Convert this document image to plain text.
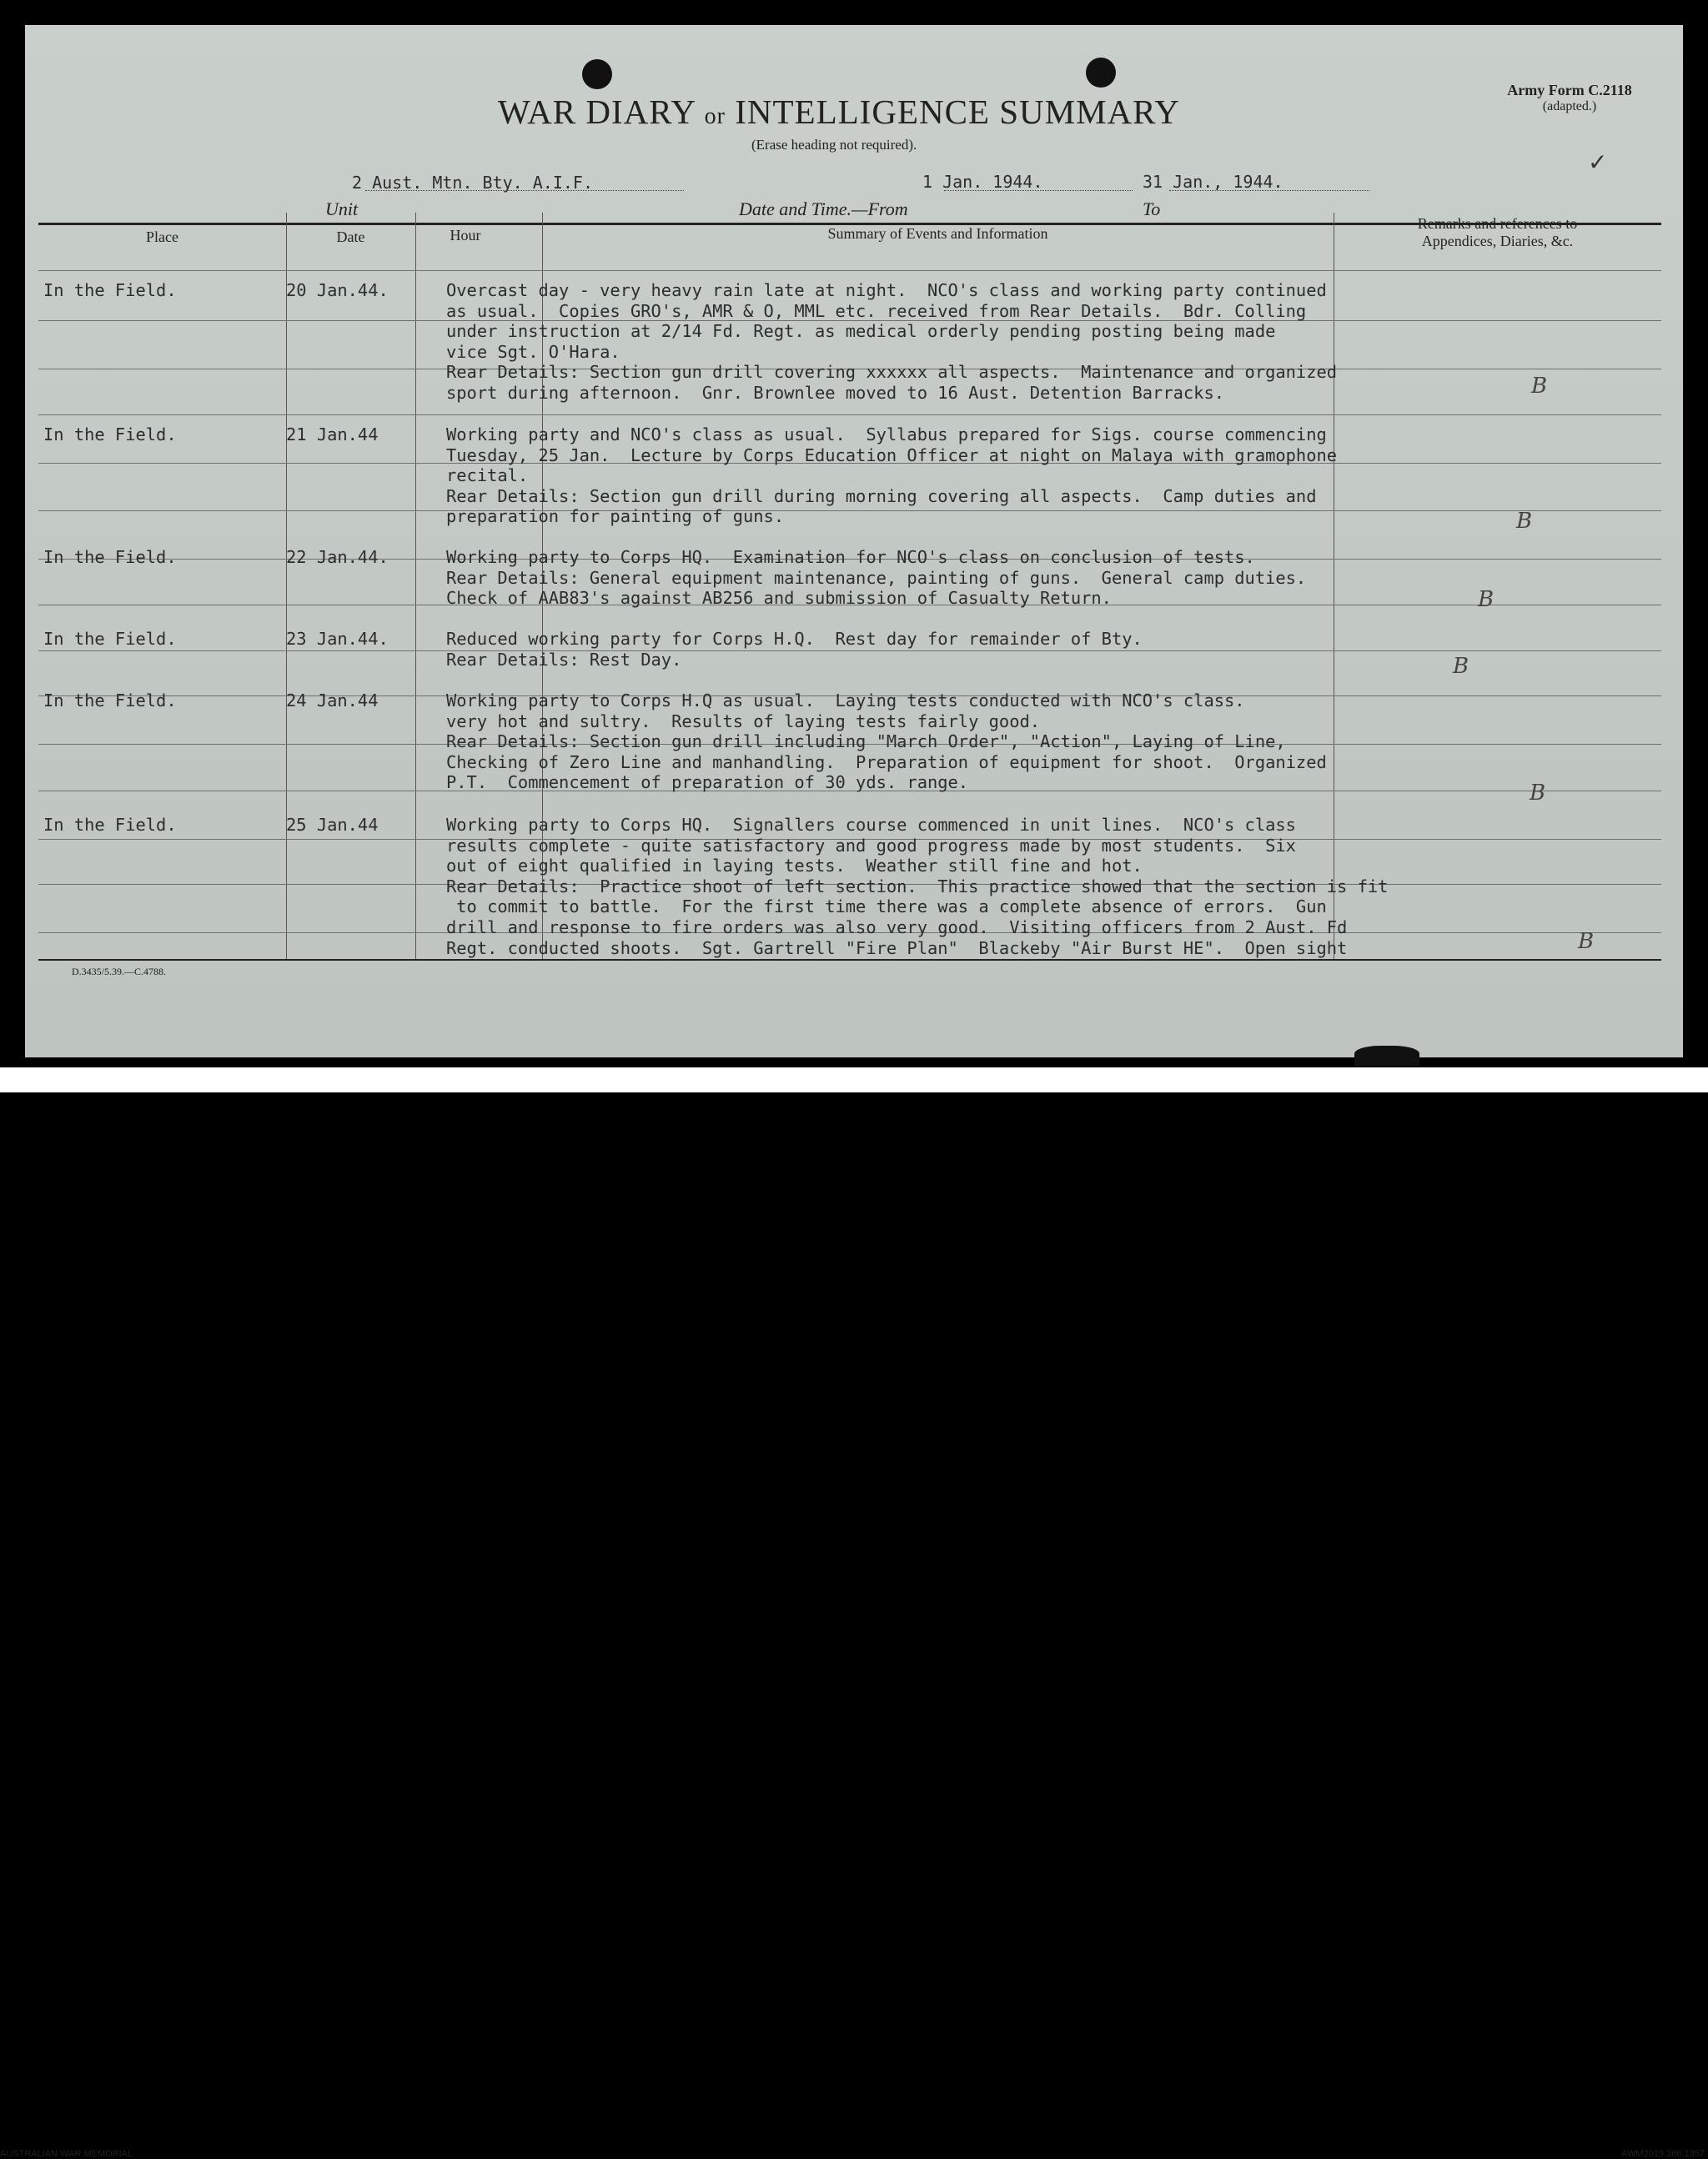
WAR DIARY or INTELLIGENCE SUMMARY
(Erase heading not required).
Army Form C.2118
(adapted.)
✓
2 Aust. Mtn. Bty. A.I.F.	1 Jan. 1944.	31 Jan., 1944.
Unit	Date and Time.—From	To
Place	Date	Hour	Summary of Events and Information
Remarks and references to
Appendices, Diaries, &c.
In the Field.	20 Jan.44.	Overcast day - very heavy rain late at night.  NCO's class and working party continued
as usual.  Copies GRO's, AMR & O, MML etc. received from Rear Details.  Bdr. Colling
under instruction at 2/14 Fd. Regt. as medical orderly pending posting being made
vice Sgt. O'Hara.
Rear Details: Section gun drill covering xxxxxx all aspects.  Maintenance and organized
sport during afternoon.  Gnr. Brownlee moved to 16 Aust. Detention Barracks.	B
In the Field.	21 Jan.44	Working party and NCO's class as usual.  Syllabus prepared for Sigs. course commencing
Tuesday, 25 Jan.  Lecture by Corps Education Officer at night on Malaya with gramophone
recital.
Rear Details: Section gun drill during morning covering all aspects.  Camp duties and
preparation for painting of guns.	B
In the Field.	22 Jan.44.	Working party to Corps HQ.  Examination for NCO's class on conclusion of tests.
Rear Details: General equipment maintenance, painting of guns.  General camp duties.
Check of AAB83's against AB256 and submission of Casualty Return.	B
In the Field.	23 Jan.44.	Reduced working party for Corps H.Q.  Rest day for remainder of Bty.
Rear Details: Rest Day.	B
In the Field.	24 Jan.44	Working party to Corps H.Q as usual.  Laying tests conducted with NCO's class.
very hot and sultry.  Results of laying tests fairly good.
Rear Details: Section gun drill including "March Order", "Action", Laying of Line,
Checking of Zero Line and manhandling.  Preparation of equipment for shoot.  Organized
P.T.  Commencement of preparation of 30 yds. range.	B
In the Field.	25 Jan.44	Working party to Corps HQ.  Signallers course commenced in unit lines.  NCO's class
results complete - quite satisfactory and good progress made by most students.  Six
out of eight qualified in laying tests.  Weather still fine and hot.
Rear Details:  Practice shoot of left section.  This practice showed that the section is fit
to commit to battle.  For the first time there was a complete absence of errors.  Gun
drill and response to fire orders was also very good.  Visiting officers from 2 Aust. Fd
Regt. conducted shoots.  Sgt. Gartrell "Fire Plan"  Blackeby "Air Burst HE".  Open sight	B
D.3435/5.39.—C.4788.
AUSTRALIAN WAR MEMORIAL	AWM2019.366.1357
